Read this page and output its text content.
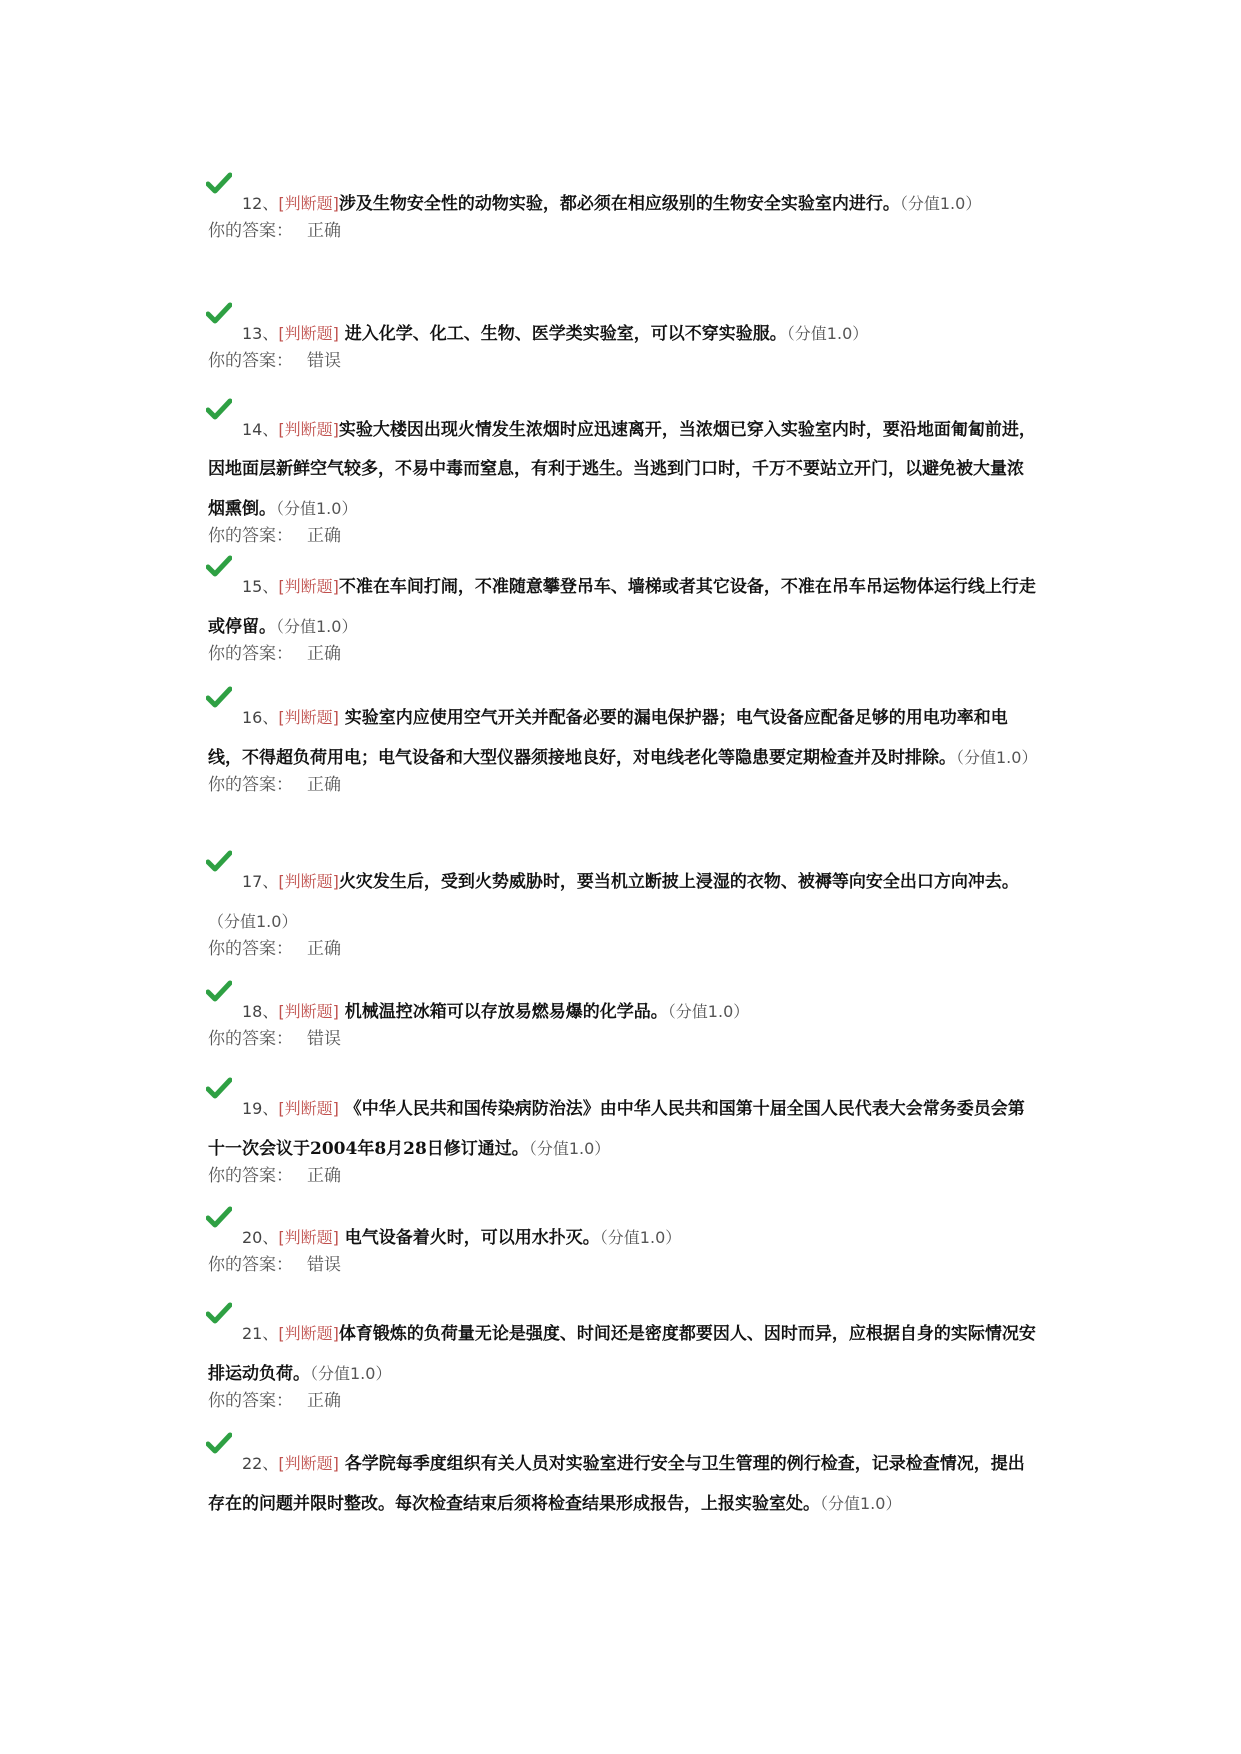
12、[判断题]涉及生物安全性的动物实验，都必须在相应级别的生物安全实验室内进行。（分值1.0）

你的答案： 正确

13、[判断题] 进入化学、化工、生物、医学类实验室，可以不穿实验服。（分值1.0）

你的答案： 错误

14、[判断题]实验大楼因出现火情发生浓烟时应迅速离开，当浓烟已穿入实验室内时，要沿地面匍匐前进，因地面层新鲜空气较多，不易中毒而窒息，有利于逃生。当逃到门口时，千万不要站立开门，以避免被大量浓烟熏倒。（分值1.0）

你的答案： 正确

15、[判断题]不准在车间打闹，不准随意攀登吊车、墙梯或者其它设备，不准在吊车吊运物体运行线上行走或停留。（分值1.0）

你的答案： 正确

16、[判断题] 实验室内应使用空气开关并配备必要的漏电保护器；电气设备应配备足够的用电功率和电线，不得超负荷用电；电气设备和大型仪器须接地良好，对电线老化等隐患要定期检查并及时排除。（分值1.0）

你的答案： 正确

17、[判断题]火灾发生后，受到火势威胁时，要当机立断披上浸湿的衣物、被褥等向安全出口方向冲去。（分值1.0）

你的答案： 正确

18、[判断题] 机械温控冰箱可以存放易燃易爆的化学品。（分值1.0）

你的答案： 错误

19、[判断题] 《中华人民共和国传染病防治法》由中华人民共和国第十届全国人民代表大会常务委员会第十一次会议于2004年8月28日修订通过。（分值1.0）

你的答案： 正确

20、[判断题] 电气设备着火时，可以用水扑灭。（分值1.0）

你的答案： 错误

21、[判断题]体育锻炼的负荷量无论是强度、时间还是密度都要因人、因时而异，应根据自身的实际情况安排运动负荷。（分值1.0）

你的答案： 正确

22、[判断题] 各学院每季度组织有关人员对实验室进行安全与卫生管理的例行检查，记录检查情况，提出存在的问题并限时整改。每次检查结束后须将检查结果形成报告，上报实验室处。（分值1.0）
